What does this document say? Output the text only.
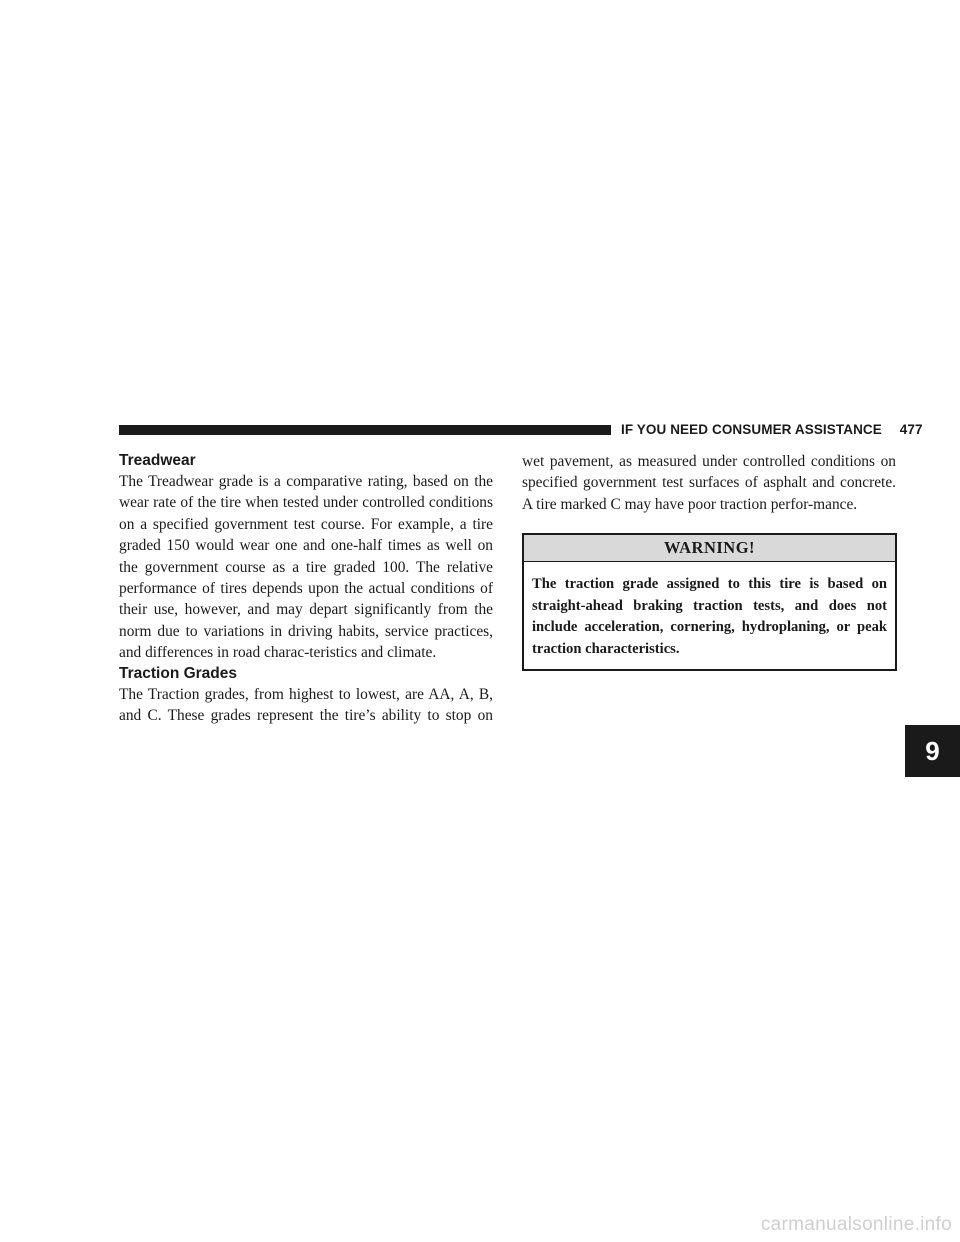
IF YOU NEED CONSUMER ASSISTANCE 477
Treadwear

The Treadwear grade is a comparative rating, based on the wear rate of the tire when tested under controlled conditions on a specified government test course. For example, a tire graded 150 would wear one and one-half times as well on the government course as a tire graded 100. The relative performance of tires depends upon the actual conditions of their use, however, and may depart significantly from the norm due to variations in driving habits, service practices, and differences in road charac-teristics and climate.

Traction Grades

The Traction grades, from highest to lowest, are AA, A, B, and C. These grades represent the tire’s ability to stop on

wet pavement, as measured under controlled conditions on specified government test surfaces of asphalt and concrete. A tire marked C may have poor traction perfor-mance.

WARNING!
The traction grade assigned to this tire is based on straight-ahead braking traction tests, and does not include acceleration, cornering, hydroplaning, or peak traction characteristics.
9
carmanualsonline.info
